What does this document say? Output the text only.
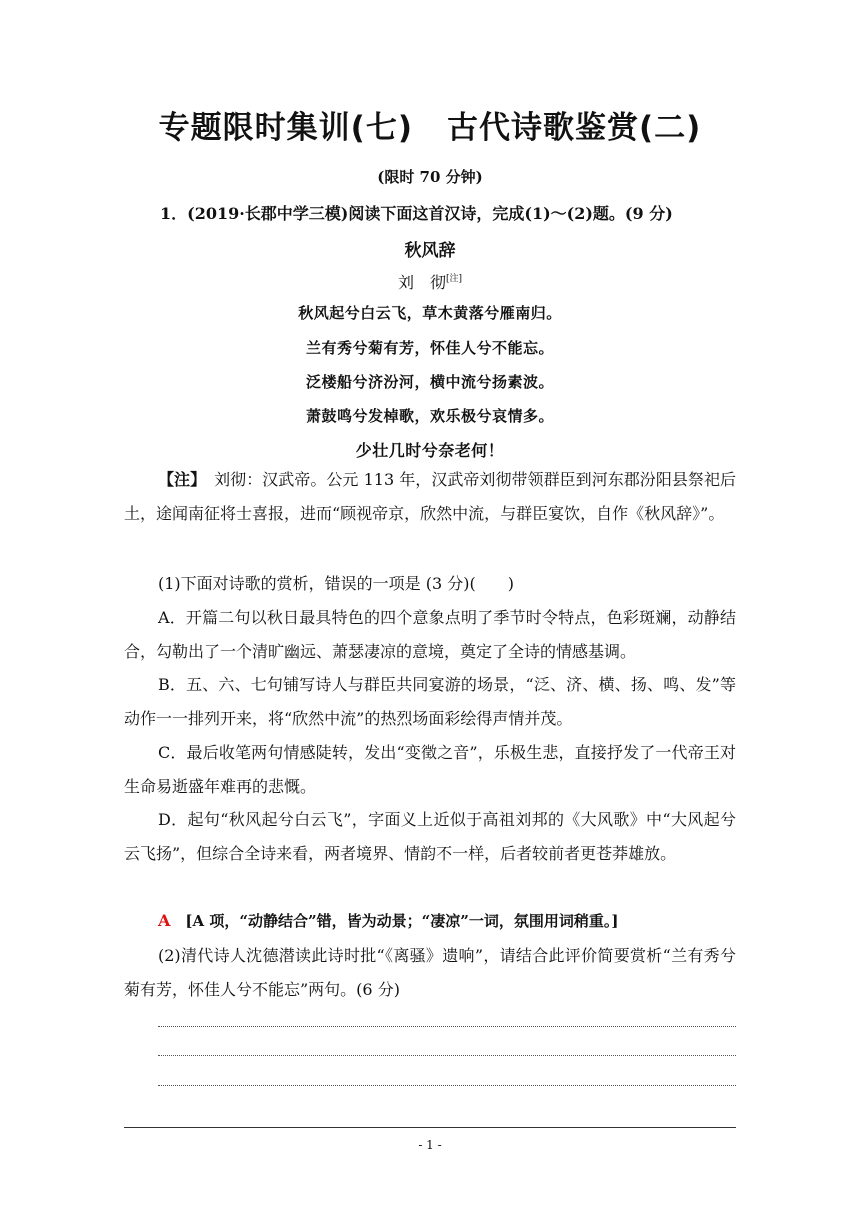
专题限时集训(七) 古代诗歌鉴赏(二)
(限时 70 分钟)
1．(2019·长郡中学三模)阅读下面这首汉诗，完成(1)～(2)题。(9 分)
秋风辞
刘　彻[注]
秋风起兮白云飞，草木黄落兮雁南归。
兰有秀兮菊有芳，怀佳人兮不能忘。
泛楼船兮济汾河，横中流兮扬素波。
萧鼓鸣兮发棹歌，欢乐极兮哀情多。
少壮几时兮奈老何！
【注】　刘彻：汉武帝。公元 113 年，汉武帝刘彻带领群臣到河东郡汾阳县祭祀后土，途闻南征将士喜报，进而“顾视帝京，欣然中流，与群臣宴饮，自作《秋风辞》”。
(1)下面对诗歌的赏析，错误的一项是 (3 分)(　　)
A．开篇二句以秋日最具特色的四个意象点明了季节时令特点，色彩斑斓，动静结合，勾勒出了一个清旷幽远、萧瑟凄凉的意境，奠定了全诗的情感基调。
B．五、六、七句铺写诗人与群臣共同宴游的场景，“泛、济、横、扬、鸣、发”等动作一一排列开来，将“欣然中流”的热烈场面彩绘得声情并茂。
C．最后收笔两句情感陡转，发出“变徵之音”，乐极生悲，直接抒发了一代帝王对生命易逝盛年难再的悲慨。
D．起句“秋风起兮白云飞”，字面义上近似于高祖刘邦的《大风歌》中“大风起兮云飞扬”，但综合全诗来看，两者境界、情韵不一样，后者较前者更苍莽雄放。
A　[A 项，“动静结合”错，皆为动景；“凄凉”一词，氛围用词稍重。]
(2)清代诗人沈德潜读此诗时批“《离骚》遗响”，请结合此评价简要赏析“兰有秀兮菊有芳，怀佳人兮不能忘”两句。(6 分)
- 1 -
